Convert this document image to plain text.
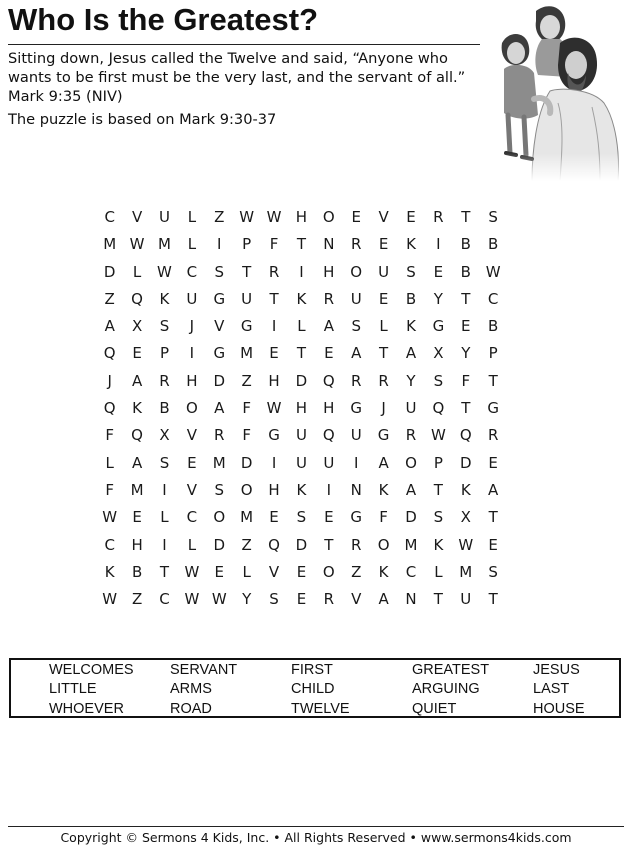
Who Is the Greatest?
Sitting down, Jesus called the Twelve and said, “Anyone who wants to be first must be the very last, and the servant of all.” Mark 9:35 (NIV)
The puzzle is based on Mark 9:30-37
C	V	U	L	Z W W H	O	E	V	E	R	T	S
M W M	L	I	P	F	T	N	R	E	K	I	B	B
D	L	W C	S	T	R	I	H	O	U	S	E	B W
Z	Q	K	U	G	U	T	K	R	U	E	B	Y	T	C
A	X	S	J	V	G	I	L	A	S	L	K	G	E	B
Q	E	P	I	G	M	E	T	E	A	T	A	X	Y	P
J	A	R	H	D	Z	H	D	Q	R	R	Y	S	F	T
Q	K	B	O	A	F	W H	H	G	J	U	Q	T	G
F	Q	X	V	R	F	G	U	Q	U	G	R W Q	R
L	A	S	E	M	D	I	U	U	I	A	O	P	D	E
F	M	I	V	S	O	H	K	I	N	K	A	T	K	A
W	E	L	C	O	M	E	S	E	G	F	D	S	X	T
C	H	I	L	D	Z	Q	D	T	R	O	M	K	W	E
K	B	T	W	E	L	V	E	O	Z	K	C	L	M	S
W Z	C W W	Y	S	E	R	V	A	N	T	U	T
WELCOMES	SERVANT	FIRST	GREATEST	JESUS
LITTLE	ARMS	CHILD	ARGUING	LAST
WHOEVER	ROAD	TWELVE	QUIET	HOUSE
Copyright © Sermons 4 Kids, Inc. • All Rights Reserved • www.sermons4kids.com
